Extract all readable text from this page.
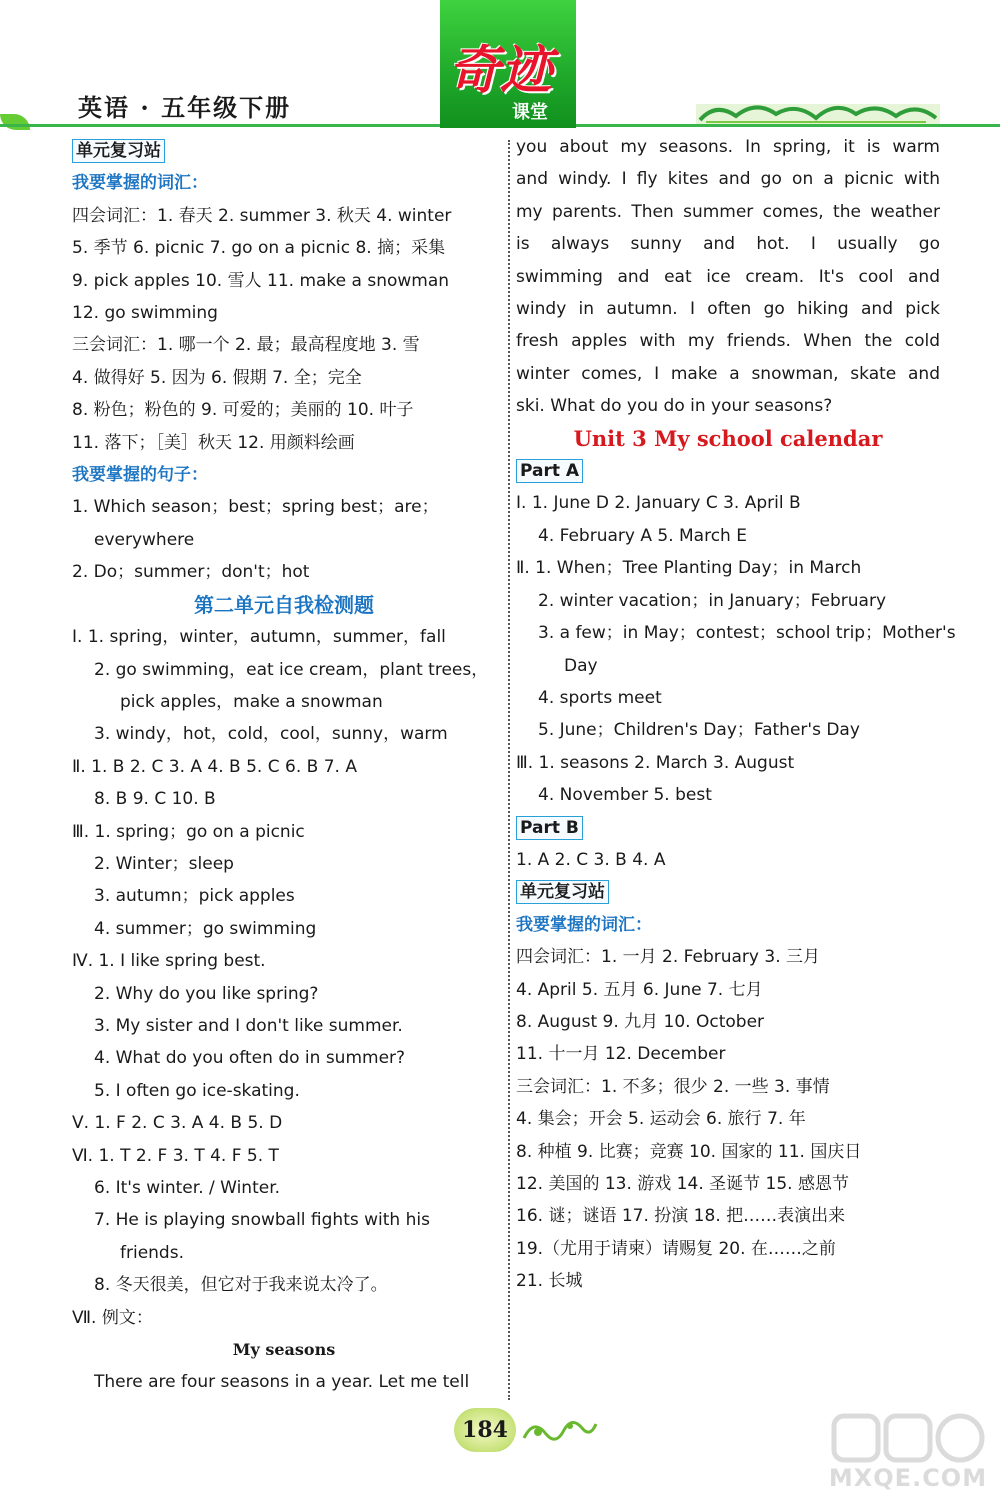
英语 · 五年级下册
奇迹
课堂
单元复习站
我要掌握的词汇：
四会词汇：1. 春天 2. summer 3. 秋天 4. winter
5. 季节 6. picnic 7. go on a picnic 8. 摘；采集
9. pick apples 10. 雪人 11. make a snowman
12. go swimming
三会词汇：1. 哪一个 2. 最；最高程度地 3. 雪
4. 做得好 5. 因为 6. 假期 7. 全；完全
8. 粉色；粉色的 9. 可爱的；美丽的 10. 叶子
11. 落下；［美］秋天 12. 用颜料绘画
我要掌握的句子：
1. Which season；best；spring best；are；
everywhere
2. Do；summer；don't；hot
第二单元自我检测题
Ⅰ. 1. spring，winter，autumn，summer，fall
2. go swimming，eat ice cream，plant trees，
pick apples，make a snowman
3. windy，hot，cold，cool，sunny，warm
Ⅱ. 1. B 2. C 3. A 4. B 5. C 6. B 7. A
8. B 9. C 10. B
Ⅲ. 1. spring；go on a picnic
2. Winter；sleep
3. autumn；pick apples
4. summer；go swimming
Ⅳ. 1. I like spring best.
2. Why do you like spring?
3. My sister and I don't like summer.
4. What do you often do in summer?
5. I often go ice-skating.
Ⅴ. 1. F 2. C 3. A 4. B 5. D
Ⅵ. 1. T 2. F 3. T 4. F 5. T
6. It's winter. / Winter.
7. He is playing snowball fights with his
friends.
8. 冬天很美，但它对于我来说太冷了。
Ⅶ. 例文：
My seasons
There are four seasons in a year. Let me tell
you about my seasons. In spring, it is warm
and windy. I fly kites and go on a picnic with
my parents. Then summer comes, the weather
is always sunny and hot. I usually go
swimming and eat ice cream. It's cool and
windy in autumn. I often go hiking and pick
fresh apples with my friends. When the cold
winter comes, I make a snowman, skate and
ski. What do you do in your seasons?
Unit 3 My school calendar
Part A
Ⅰ. 1. June D 2. January C 3. April B
4. February A 5. March E
Ⅱ. 1. When；Tree Planting Day；in March
2. winter vacation；in January；February
3. a few；in May；contest；school trip；Mother's
Day
4. sports meet
5. June；Children's Day；Father's Day
Ⅲ. 1. seasons 2. March 3. August
4. November 5. best
Part B
1. A 2. C 3. B 4. A
单元复习站
我要掌握的词汇：
四会词汇：1. 一月 2. February 3. 三月
4. April 5. 五月 6. June 7. 七月
8. August 9. 九月 10. October
11. 十一月 12. December
三会词汇：1. 不多；很少 2. 一些 3. 事情
4. 集会；开会 5. 运动会 6. 旅行 7. 年
8. 种植 9. 比赛；竞赛 10. 国家的 11. 国庆日
12. 美国的 13. 游戏 14. 圣诞节 15. 感恩节
16. 谜；谜语 17. 扮演 18. 把……表演出来
19.（尤用于请柬）请赐复 20. 在……之前
21. 长城
184
MXQE.COM
